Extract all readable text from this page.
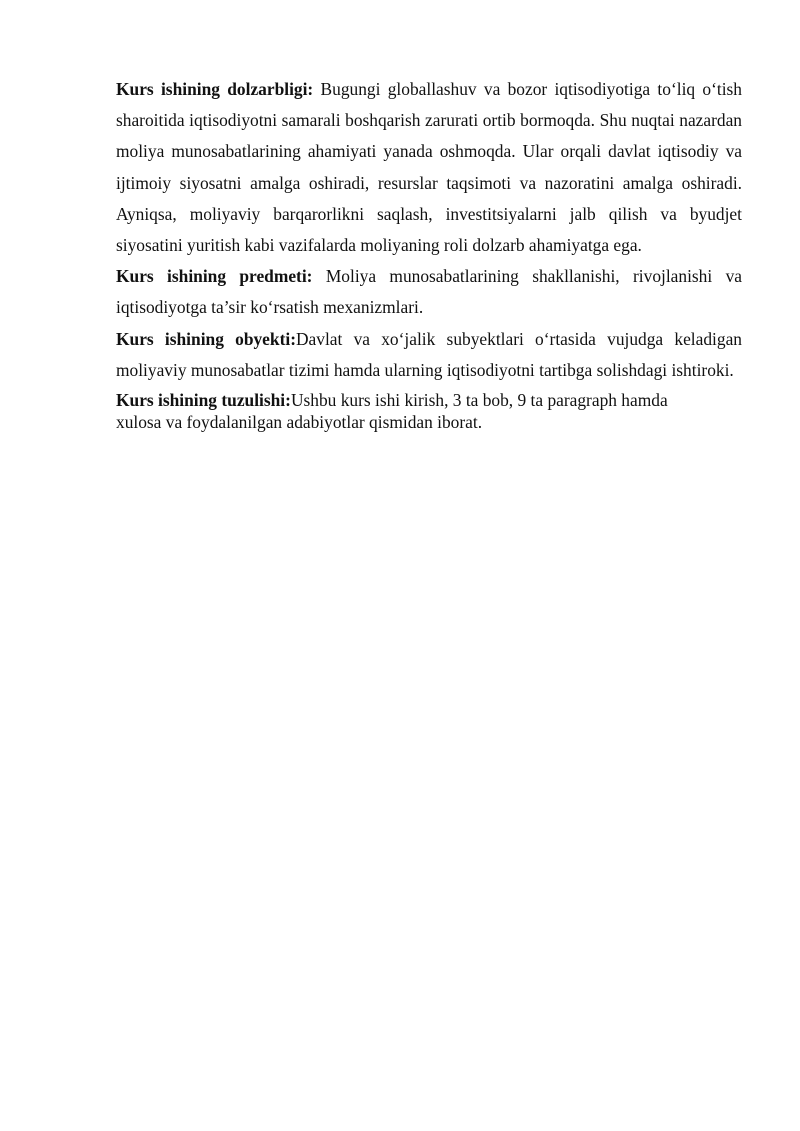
Kurs ishining dolzarbligi: Bugungi globallashuv va bozor iqtisodiyotiga to‘liq o‘tish sharoitida iqtisodiyotni samarali boshqarish zarurati ortib bormoqda. Shu nuqtai nazardan moliya munosabatlarining ahamiyati yanada oshmoqda. Ular orqali davlat iqtisodiy va ijtimoiy siyosatni amalga oshiradi, resurslar taqsimoti va nazoratini amalga oshiradi. Ayniqsa, moliyaviy barqarorlikni saqlash, investitsiyalarni jalb qilish va byudjet siyosatini yuritish kabi vazifalarda moliyaning roli dolzarb ahamiyatga ega.

Kurs ishining predmeti: Moliya munosabatlarining shakllanishi, rivojlanishi va iqtisodiyotga ta’sir ko‘rsatish mexanizmlari.

Kurs ishining obyekti:Davlat va xo‘jalik subyektlari o‘rtasida vujudga keladigan moliyaviy munosabatlar tizimi hamda ularning iqtisodiyotni tartibga solishdagi ishtiroki.

Kurs ishining tuzulishi:Ushbu kurs ishi kirish, 3 ta bob, 9 ta paragraph hamda
xulosa va foydalanilgan adabiyotlar qismidan iborat.
